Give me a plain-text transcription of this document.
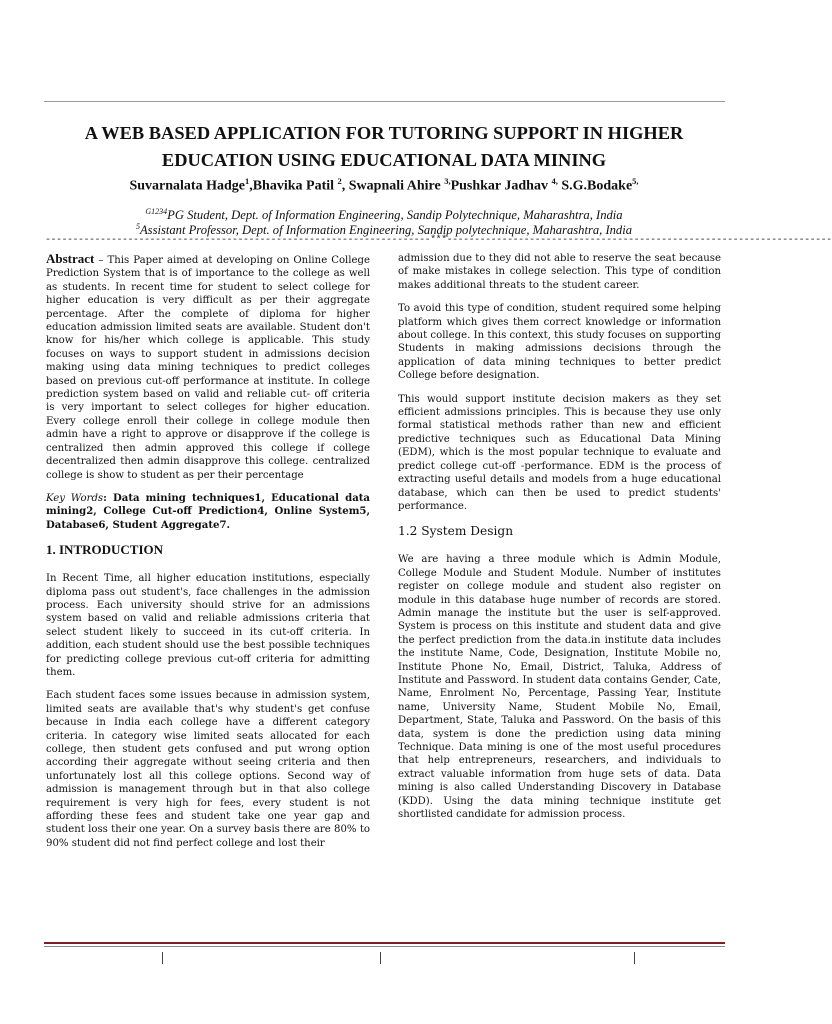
A WEB BASED APPLICATION FOR TUTORING SUPPORT IN HIGHER
EDUCATION USING EDUCATIONAL DATA MINING
Suvarnalata Hadge$^1$,Bhavika Patil $^2$, Swapnali Ahire $^{3,}$Pushkar Jadhav $^{4,}$ S.G.Bodake$^{5,}$
$^{G1234}$PG Student, Dept. of Information Engineering, Sandip Polytechnique, Maharashtra, India
$^5$Assistant Professor, Dept. of Information Engineering, Sandip polytechnique, Maharashtra, India
----------------------------------------------------------------------***----------------------------------------------------------------------

Abstract – This Paper aimed at developing on Online College Prediction System that is of importance to the college as well as students. In recent time for student to select college for higher education is very difficult as per their aggregate percentage. After the complete of diploma for higher education admission limited seats are available. Student don't know for his/her which college is applicable. This study focuses on ways to support student in admissions decision making using data mining techniques to predict colleges based on previous cut-off performance at institute. In college prediction system based on valid and reliable cut- off criteria is very important to select colleges for higher education. Every college enroll their college in college module then admin have a right to approve or disapprove if the college is centralized then admin approved this college if college decentralized then admin disapprove this college. centralized college is show to student as per their percentage

Key Words: Data mining techniques1, Educational data mining2, College Cut-off Prediction4, Online System5, Database6, Student Aggregate7.

1. INTRODUCTION

In Recent Time, all higher education institutions, especially diploma pass out student's, face challenges in the admission process. Each university should strive for an admissions system based on valid and reliable admissions criteria that select student likely to succeed in its cut-off criteria. In addition, each student should use the best possible techniques for predicting college previous cut-off criteria for admitting them.

Each student faces some issues because in admission system, limited seats are available that's why student's get confuse because in India each college have a different category criteria. In category wise limited seats allocated for each college, then student gets confused and put wrong option according their aggregate without seeing criteria and then unfortunately lost all this college options. Second way of admission is management through but in that also college requirement is very high for fees, every student is not affording these fees and student take one year gap and student loss their one year. On a survey basis there are 80% to 90% student did not find perfect college and lost their

admission due to they did not able to reserve the seat because of make mistakes in college selection. This type of condition makes additional threats to the student career.

To avoid this type of condition, student required some helping platform which gives them correct knowledge or information about college. In this context, this study focuses on supporting Students in making admissions decisions through the application of data mining techniques to better predict College before designation.

This would support institute decision makers as they set efficient admissions principles. This is because they use only formal statistical methods rather than new and efficient predictive techniques such as Educational Data Mining (EDM), which is the most popular technique to evaluate and predict college cut-off -performance. EDM is the process of extracting useful details and models from a huge educational database, which can then be used to predict students' performance.

1.2 System Design

We are having a three module which is Admin Module, College Module and Student Module. Number of institutes register on college module and student also register on module in this database huge number of records are stored. Admin manage the institute but the user is self-approved. System is process on this institute and student data and give the perfect prediction from the data.in institute data includes the institute Name, Code, Designation, Institute Mobile no, Institute Phone No, Email, District, Taluka, Address of Institute and Password. In student data contains Gender, Cate, Name, Enrolment No, Percentage, Passing Year, Institute name, University Name, Student Mobile No, Email, Department, State, Taluka and Password. On the basis of this data, system is done the prediction using data mining Technique. Data mining is one of the most useful procedures that help entrepreneurs, researchers, and individuals to extract valuable information from huge sets of data. Data mining is also called Understanding Discovery in Database (KDD). Using the data mining technique institute get shortlisted candidate for admission process.
